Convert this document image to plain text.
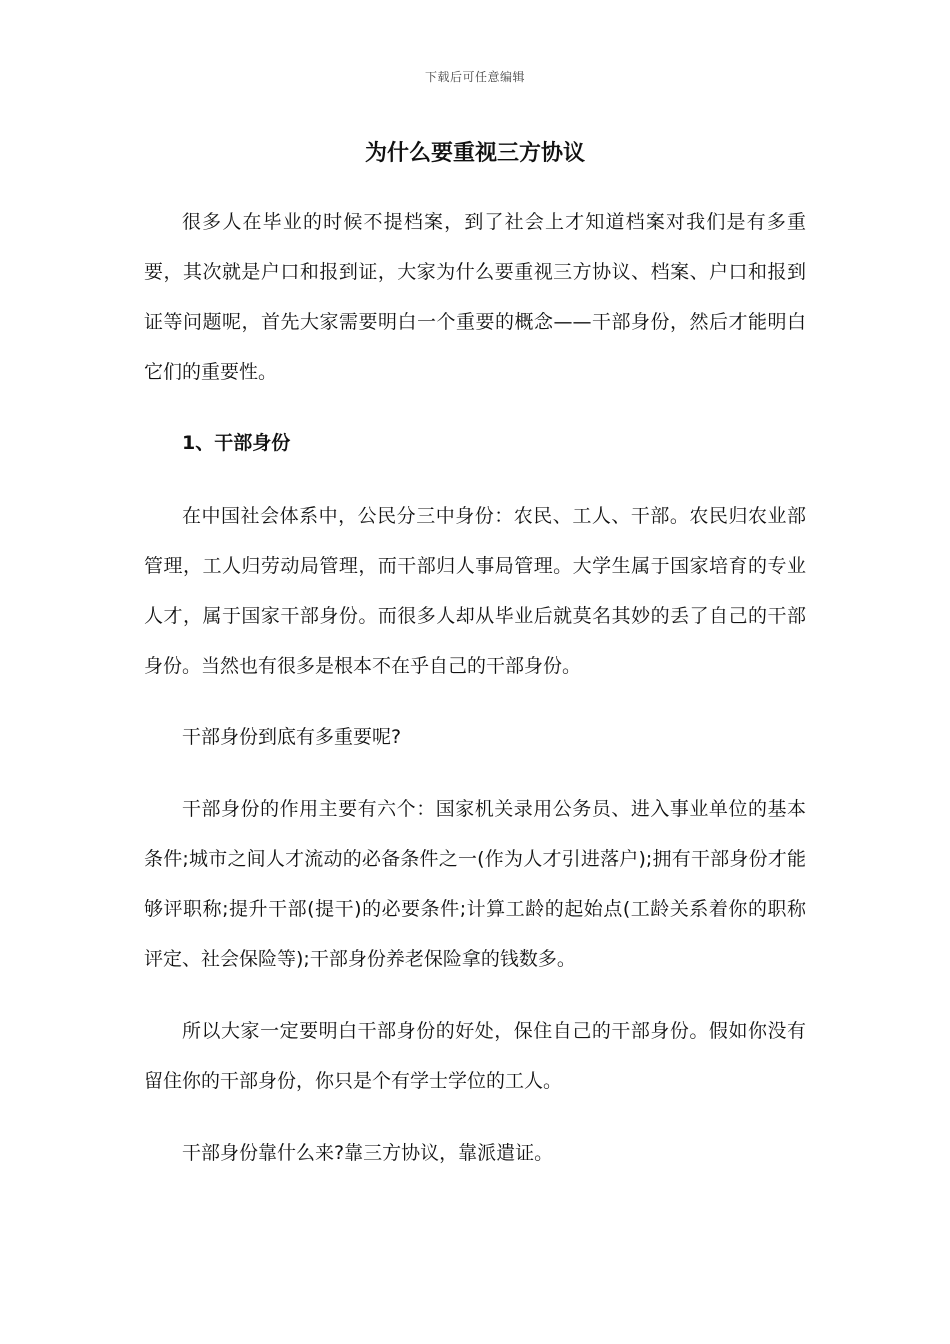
下载后可任意编辑
为什么要重视三方协议

很多人在毕业的时候不提档案，到了社会上才知道档案对我们是有多重要，其次就是户口和报到证，大家为什么要重视三方协议、档案、户口和报到证等问题呢，首先大家需要明白一个重要的概念——干部身份，然后才能明白它们的重要性。

1、干部身份

在中国社会体系中，公民分三中身份：农民、工人、干部。农民归农业部管理，工人归劳动局管理，而干部归人事局管理。大学生属于国家培育的专业人才，属于国家干部身份。而很多人却从毕业后就莫名其妙的丢了自己的干部身份。当然也有很多是根本不在乎自己的干部身份。

干部身份到底有多重要呢?

干部身份的作用主要有六个：国家机关录用公务员、进入事业单位的基本条件;城市之间人才流动的必备条件之一(作为人才引进落户);拥有干部身份才能够评职称;提升干部(提干)的必要条件;计算工龄的起始点(工龄关系着你的职称评定、社会保险等);干部身份养老保险拿的钱数多。

所以大家一定要明白干部身份的好处，保住自己的干部身份。假如你没有留住你的干部身份，你只是个有学士学位的工人。

干部身份靠什么来?靠三方协议，靠派遣证。
